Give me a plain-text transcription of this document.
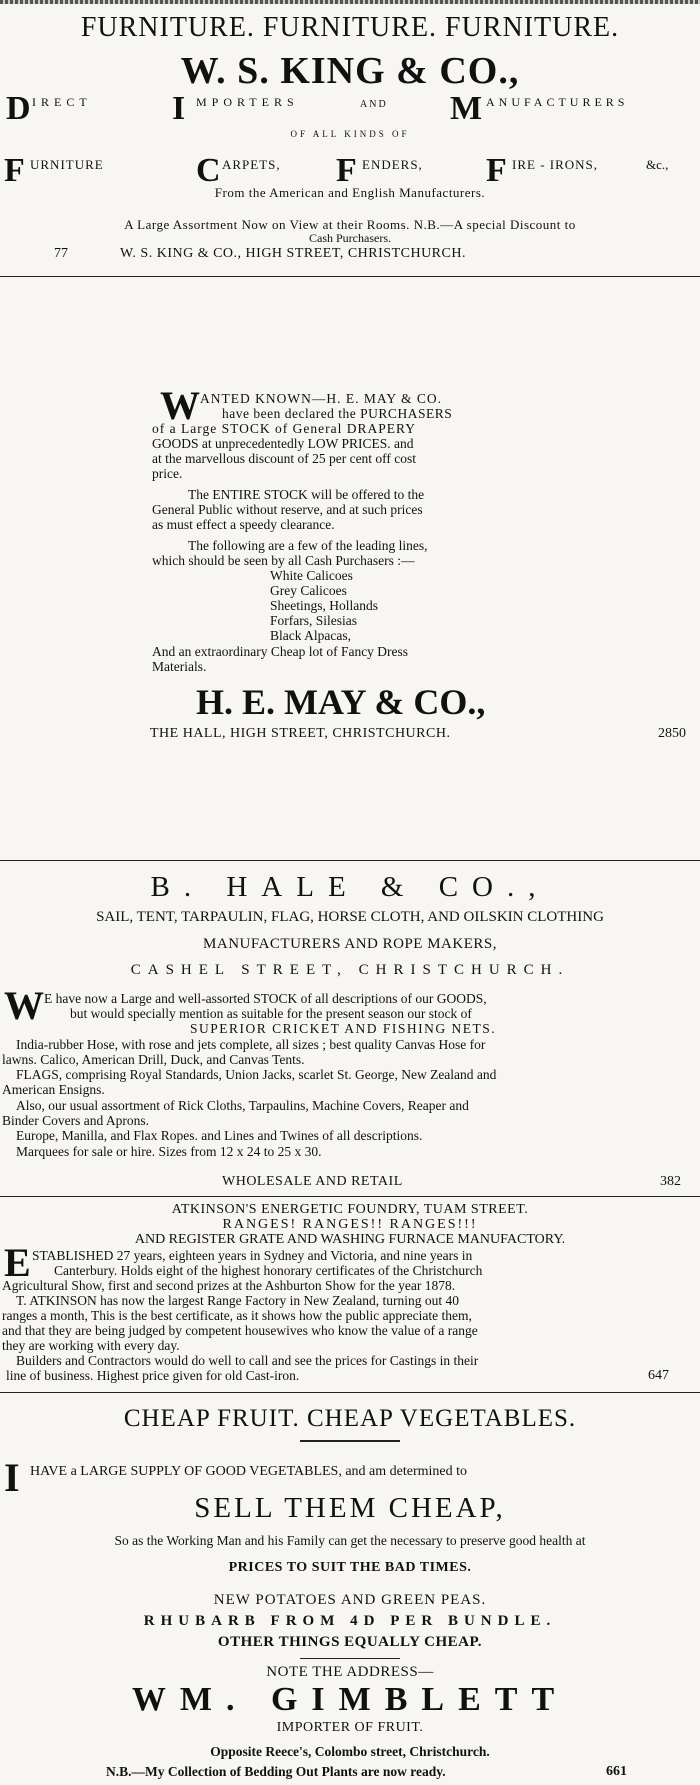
FURNITURE. FURNITURE. FURNITURE.
W. S. KING & CO.,
D IRECT I MPORTERS	AND M ANUFACTURERS
OF ALL KINDS OF
F URNITURE	C ARPETS, F ENDERS, F IRE - IRONS,	&c.,
From the American and English Manufacturers.
A Large Assortment Now on View at their Rooms. N.B.—A special Discount to
Cash Purchasers.
77	W. S. KING & CO., HIGH STREET, CHRISTCHURCH.
W ANTED KNOWN—H. E. MAY & CO.
have been declared the PURCHASERS
of a Large STOCK of General DRAPERY
GOODS at unprecedentedly LOW PRICES. and
at the marvellous discount of 25 per cent off cost
price.
The ENTIRE STOCK will be offered to the
General Public without reserve, and at such prices
as must effect a speedy clearance.
The following are a few of the leading lines,
which should be seen by all Cash Purchasers :—
White Calicoes
Grey Calicoes
Sheetings, Hollands
Forfars, Silesias
Black Alpacas,
And an extraordinary Cheap lot of Fancy Dress
Materials.
H. E. MAY & CO.,
THE HALL, HIGH STREET, CHRISTCHURCH.	2850
B. HALE & CO.,
SAIL, TENT, TARPAULIN, FLAG, HORSE CLOTH, AND OILSKIN CLOTHING
MANUFACTURERS AND ROPE MAKERS,
CASHEL STREET, CHRISTCHURCH.
W E have now a Large and well-assorted STOCK of all descriptions of our GOODS,
but would specially mention as suitable for the present season our stock of
SUPERIOR CRICKET AND FISHING NETS.
India-rubber Hose, with rose and jets complete, all sizes ; best quality Canvas Hose for
lawns. Calico, American Drill, Duck, and Canvas Tents.
FLAGS, comprising Royal Standards, Union Jacks, scarlet St. George, New Zealand and
American Ensigns.
Also, our usual assortment of Rick Cloths, Tarpaulins, Machine Covers, Reaper and
Binder Covers and Aprons.
Europe, Manilla, and Flax Ropes. and Lines and Twines of all descriptions.
Marquees for sale or hire. Sizes from 12 x 24 to 25 x 30.
WHOLESALE AND RETAIL	382
ATKINSON'S ENERGETIC FOUNDRY, TUAM STREET.
RANGES! RANGES!! RANGES!!!
AND REGISTER GRATE AND WASHING FURNACE MANUFACTORY.
E STABLISHED 27 years, eighteen years in Sydney and Victoria, and nine years in
Canterbury. Holds eight of the highest honorary certificates of the Christchurch
Agricultural Show, first and second prizes at the Ashburton Show for the year 1878.
T. ATKINSON has now the largest Range Factory in New Zealand, turning out 40
ranges a month, This is the best certificate, as it shows how the public appreciate them,
and that they are being judged by competent housewives who know the value of a range
they are working with every day.
Builders and Contractors would do well to call and see the prices for Castings in their
line of business. Highest price given for old Cast-iron.	647
CHEAP FRUIT. CHEAP VEGETABLES.
I HAVE a LARGE SUPPLY OF GOOD VEGETABLES, and am determined to
SELL THEM CHEAP,
So as the Working Man and his Family can get the necessary to preserve good health at
PRICES TO SUIT THE BAD TIMES.
NEW POTATOES AND GREEN PEAS.
RHUBARB FROM 4D PER BUNDLE.
OTHER THINGS EQUALLY CHEAP.
NOTE THE ADDRESS—
WM. GIMBLETT
IMPORTER OF FRUIT.
Opposite Reece's, Colombo street, Christchurch.
N.B.—My Collection of Bedding Out Plants are now ready.	661
